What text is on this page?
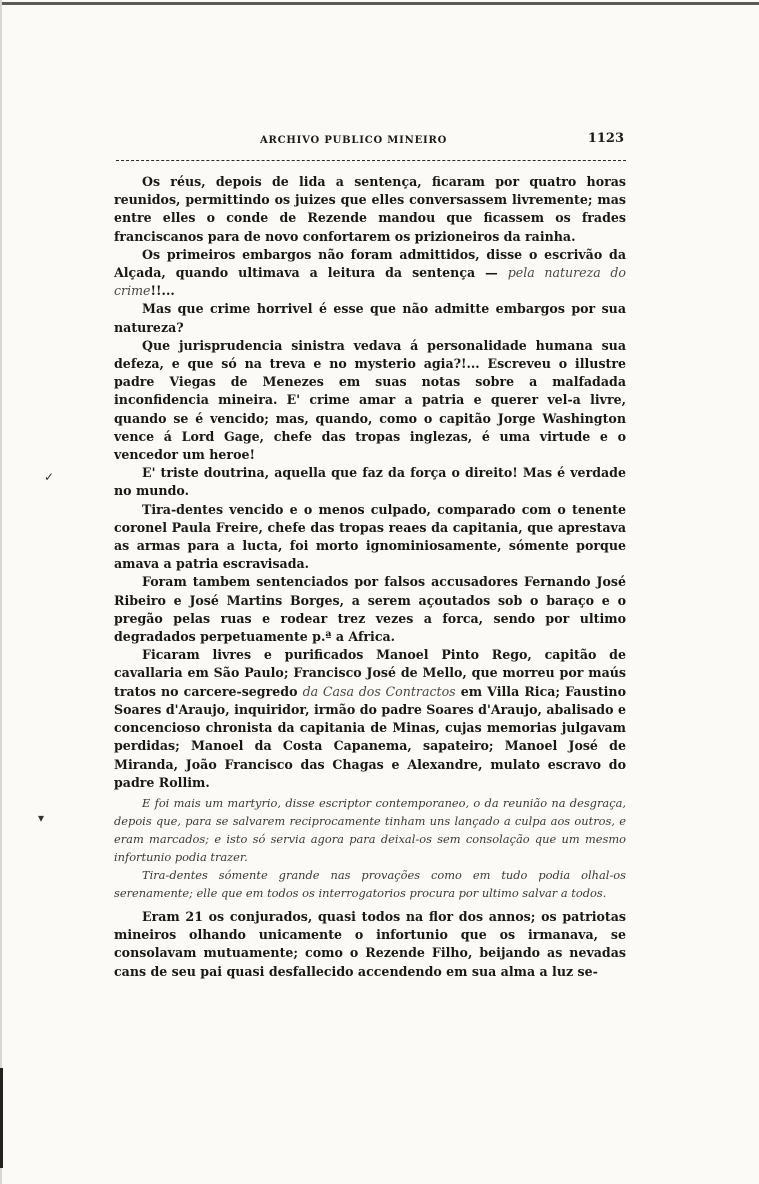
✓
▾
ARCHIVO PUBLICO MINEIRO	1123

Os réus, depois de lida a sentença, ficaram por quatro horas reunidos, permittindo os juizes que elles conversassem livremente; mas entre elles o conde de Rezende mandou que ficassem os frades franciscanos para de novo confortarem os prizioneiros da rainha.

Os primeiros embargos não foram admittidos, disse o escrivão da Alçada, quando ultimava a leitura da sentença — pela natureza do crime!!...

Mas que crime horrivel é esse que não admitte embargos por sua natureza?

Que jurisprudencia sinistra vedava á personalidade humana sua defeza, e que só na treva e no mysterio agia?!... Escreveu o illustre padre Viegas de Menezes em suas notas sobre a malfadada inconfidencia mineira. E' crime amar a patria e querer vel-a livre, quando se é vencido; mas, quando, como o capitão Jorge Washington vence á Lord Gage, chefe das tropas inglezas, é uma virtude e o vencedor um heroe!

E' triste doutrina, aquella que faz da força o direito! Mas é verdade no mundo.

Tira-dentes vencido e o menos culpado, comparado com o tenente coronel Paula Freire, chefe das tropas reaes da capitania, que aprestava as armas para a lucta, foi morto ignominiosamente, sómente porque amava a patria escravisada.

Foram tambem sentenciados por falsos accusadores Fernando José Ribeiro e José Martins Borges, a serem açoutados sob o baraço e o pregão pelas ruas e rodear trez vezes a forca, sendo por ultimo degradados perpetuamente p.ª a Africa.

Ficaram livres e purificados Manoel Pinto Rego, capitão de cavallaria em São Paulo; Francisco José de Mello, que morreu por maús tratos no carcere-segredo da Casa dos Contractos em Villa Rica; Faustino Soares d'Araujo, inquiridor, irmão do padre Soares d'Araujo, abalisado e concencioso chronista da capitania de Minas, cujas memorias julgavam perdidas; Manoel da Costa Capanema, sapateiro; Manoel José de Miranda, João Francisco das Chagas e Alexandre, mulato escravo do padre Rollim.

E foi mais um martyrio, disse escriptor contemporaneo, o da reunião na desgraça, depois que, para se salvarem reciprocamente tinham uns lançado a culpa aos outros, e eram marcados; e isto só servia agora para deixal-os sem consolação que um mesmo infortunio podia trazer.

Tira-dentes sómente grande nas provações como em tudo podia olhal-os serenamente; elle que em todos os interrogatorios procura por ultimo salvar a todos.

Eram 21 os conjurados, quasi todos na flor dos annos; os patriotas mineiros olhando unicamente o infortunio que os irmanava, se consolavam mutuamente; como o Rezende Filho, beijando as nevadas cans de seu pai quasi desfallecido accendendo em sua alma a luz se-
